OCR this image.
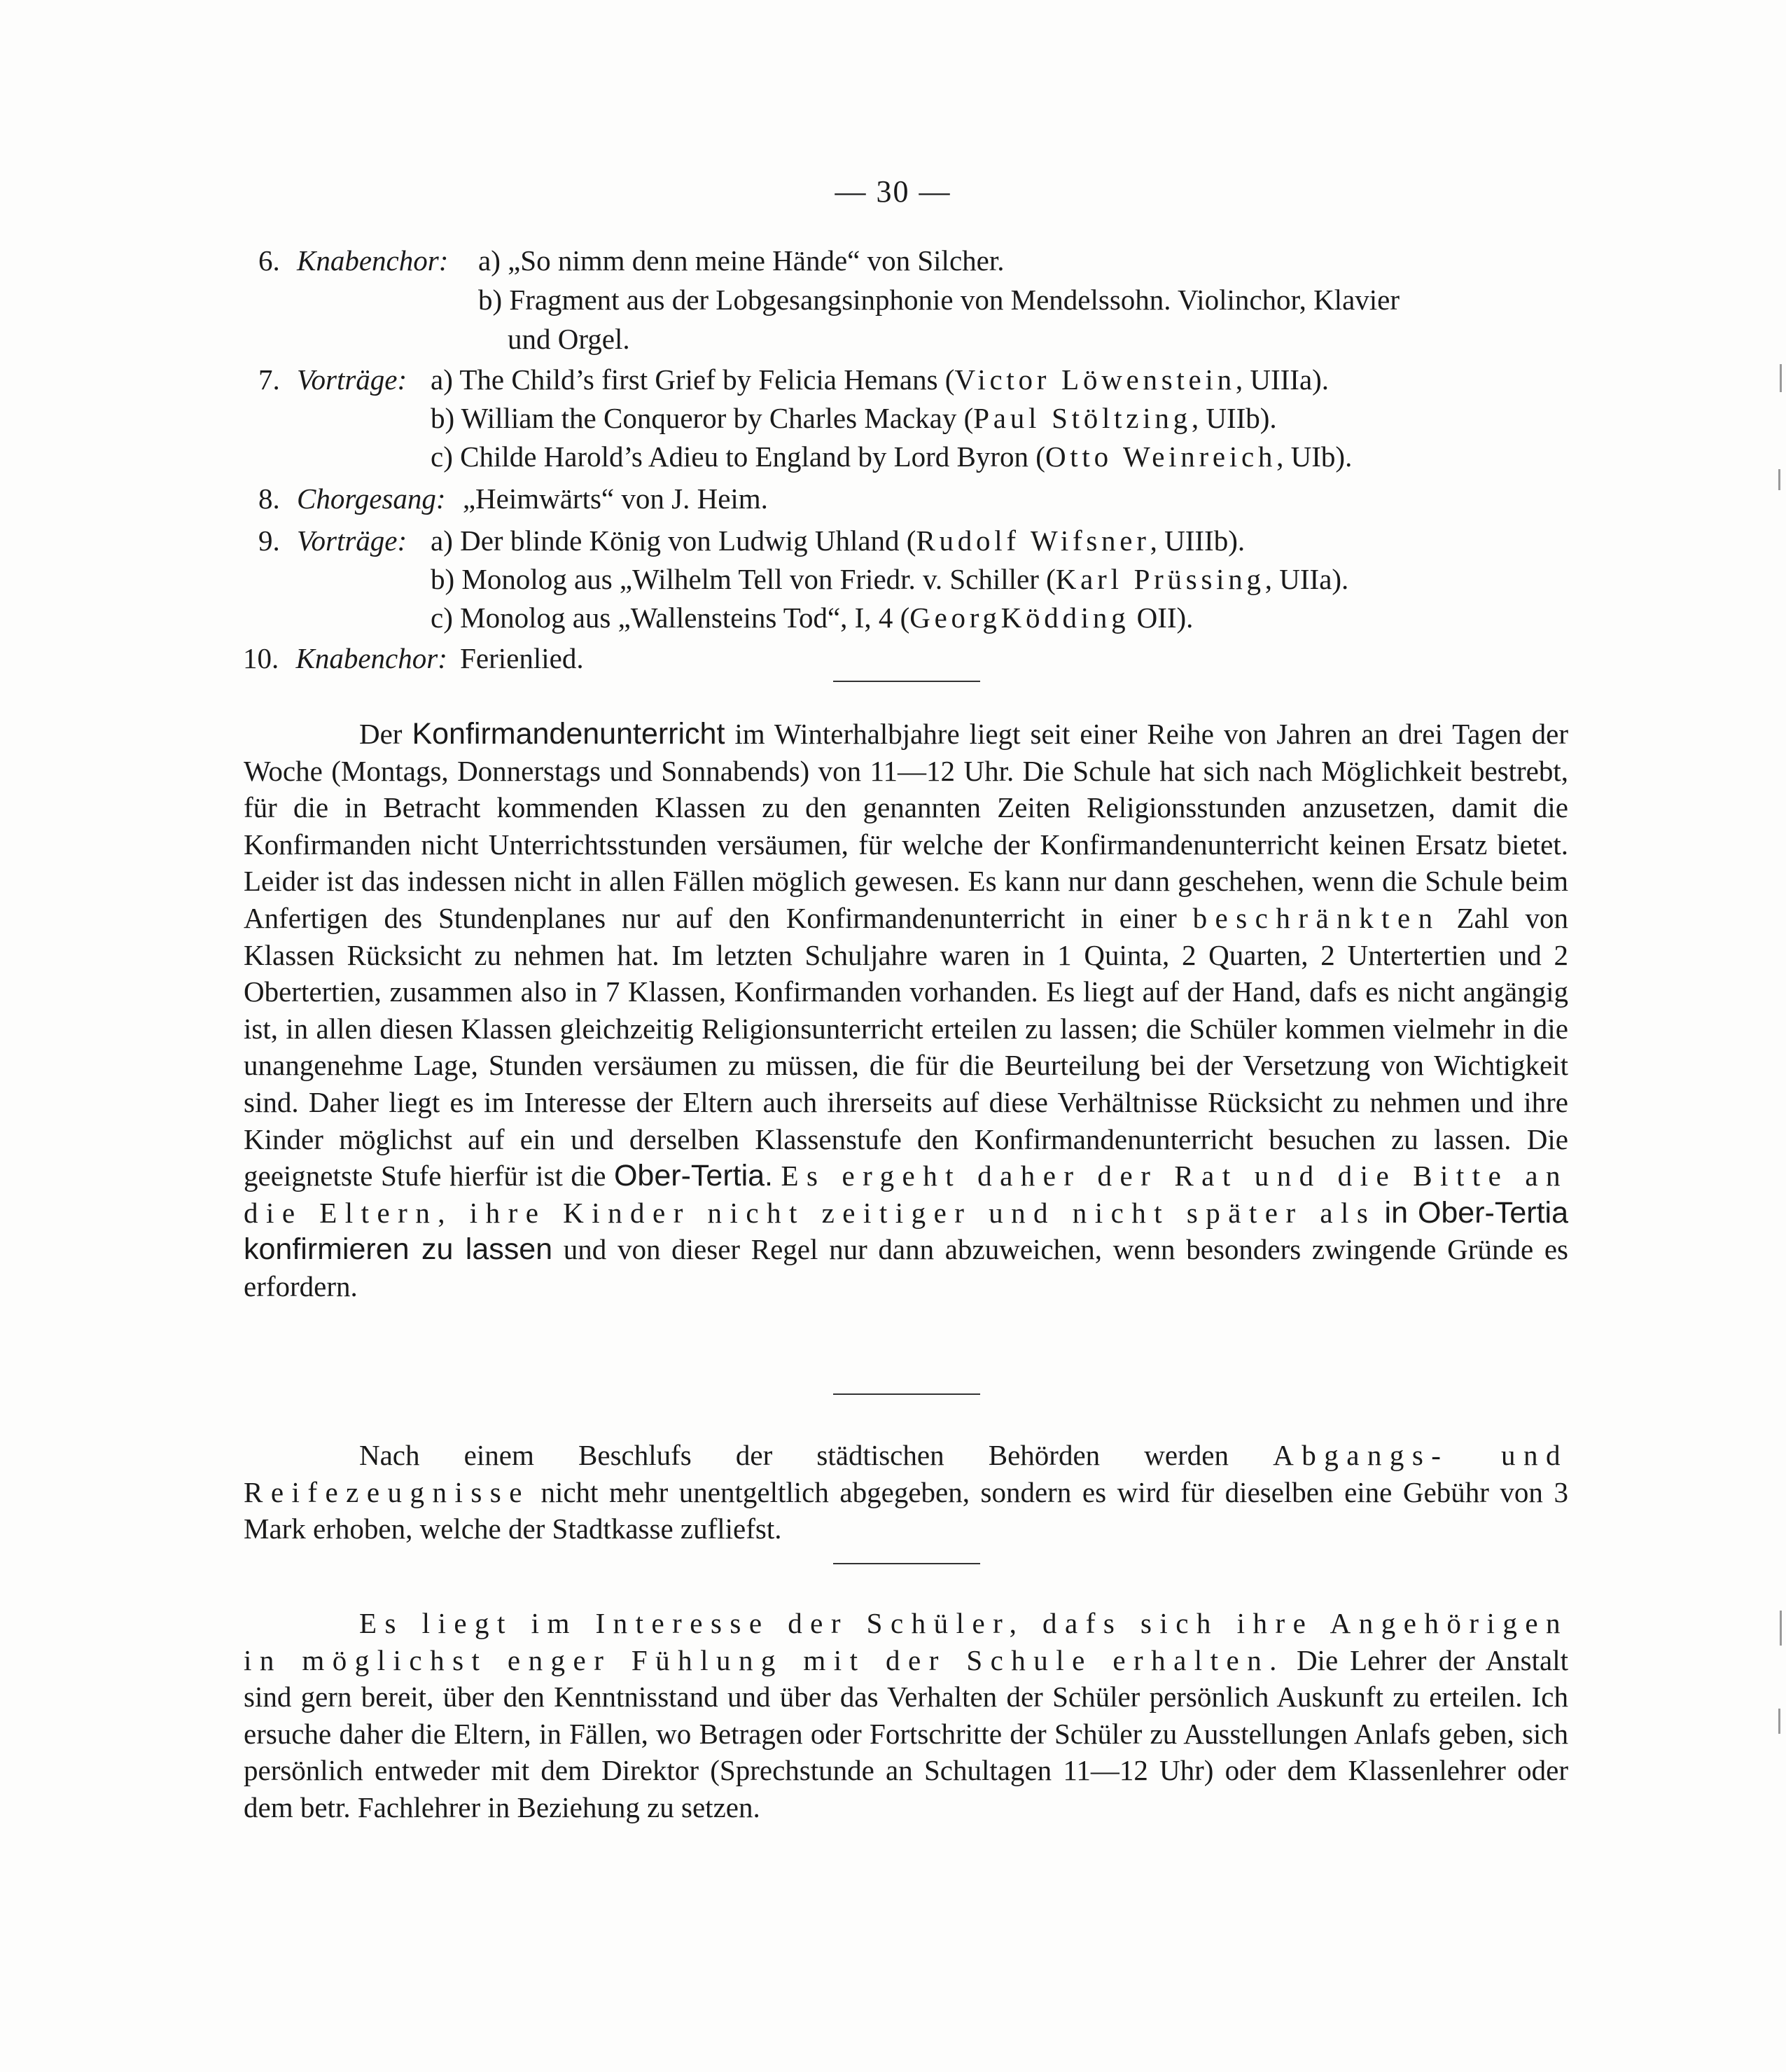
— 30 —
6. Knabenchor: a) „So nimm denn meine Hände“ von Silcher.
b) Fragment aus der Lobgesangsinphonie von Mendelssohn. Violinchor, Klavier
und Orgel.
7. Vorträge: a) The Child’s first Grief by Felicia Hemans (Victor Löwenstein, UIIIa).
b) William the Conqueror by Charles Mackay (Paul Stöltzing, UIIb).
c) Childe Harold’s Adieu to England by Lord Byron (Otto Weinreich, UIb).
8. Chorgesang: „Heimwärts“ von J. Heim.
9. Vorträge: a) Der blinde König von Ludwig Uhland (Rudolf Wifsner, UIIIb).
b) Monolog aus „Wilhelm Tell von Friedr. v. Schiller (Karl Prüssing, UIIa).
c) Monolog aus „Wallensteins Tod“, I, 4 (GeorgKödding OII).
10. Knabenchor: Ferienlied.
Der Konfirmandenunterricht im Winterhalbjahre liegt seit einer Reihe von Jahren an drei Tagen der Woche (Montags, Donnerstags und Sonnabends) von 11—12 Uhr. Die Schule hat sich nach Möglichkeit bestrebt, für die in Betracht kommenden Klassen zu den genannten Zeiten Religionsstunden anzusetzen, damit die Konfirmanden nicht Unterrichtsstunden versäumen, für welche der Konfirmandenunterricht keinen Ersatz bietet. Leider ist das indessen nicht in allen Fällen möglich gewesen. Es kann nur dann geschehen, wenn die Schule beim Anfertigen des Stundenplanes nur auf den Konfirmandenunterricht in einer beschränkten Zahl von Klassen Rücksicht zu nehmen hat. Im letzten Schuljahre waren in 1 Quinta, 2 Quarten, 2 Untertertien und 2 Obertertien, zusammen also in 7 Klassen, Konfirmanden vorhanden. Es liegt auf der Hand, dafs es nicht angängig ist, in allen diesen Klassen gleichzeitig Religionsunterricht erteilen zu lassen; die Schüler kommen vielmehr in die unangenehme Lage, Stunden versäumen zu müssen, die für die Beurteilung bei der Versetzung von Wichtigkeit sind. Daher liegt es im Interesse der Eltern auch ihrerseits auf diese Verhältnisse Rücksicht zu nehmen und ihre Kinder möglichst auf ein und derselben Klassenstufe den Konfirmandenunterricht besuchen zu lassen. Die geeignetste Stufe hierfür ist die Ober-Tertia. Es ergeht daher der Rat und die Bitte an die Eltern, ihre Kinder nicht zeitiger und nicht später als in Ober-Tertia konfirmieren zu lassen und von dieser Regel nur dann abzuweichen, wenn besonders zwingende Gründe es erfordern.
Nach einem Beschlufs der städtischen Behörden werden Abgangs- und Reifezeugnisse nicht mehr unentgeltlich abgegeben, sondern es wird für dieselben eine Gebühr von 3 Mark erhoben, welche der Stadtkasse zufliefst.
Es liegt im Interesse der Schüler, dafs sich ihre Angehörigen in möglichst enger Fühlung mit der Schule erhalten. Die Lehrer der Anstalt sind gern bereit, über den Kenntnisstand und über das Verhalten der Schüler persönlich Auskunft zu erteilen. Ich ersuche daher die Eltern, in Fällen, wo Betragen oder Fortschritte der Schüler zu Ausstellungen Anlafs geben, sich persönlich entweder mit dem Direktor (Sprechstunde an Schultagen 11—12 Uhr) oder dem Klassenlehrer oder dem betr. Fachlehrer in Beziehung zu setzen.
